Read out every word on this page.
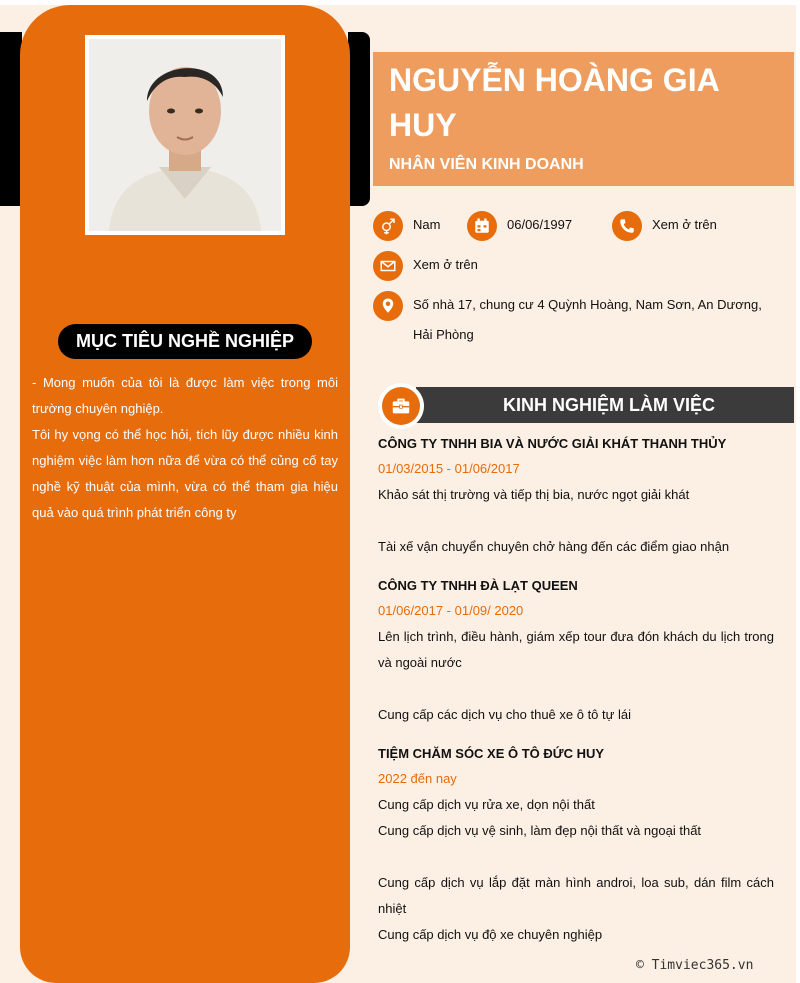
MỤC TIÊU NGHỀ NGHIỆP

- Mong muốn của tôi là được làm việc trong môi trường chuyên nghiệp.

Tôi hy vọng có thể học hỏi, tích lũy được nhiều kinh nghiệm việc làm hơn nữa để vừa có thể củng cố tay nghề kỹ thuật của mình, vừa có thể tham gia hiệu quả vào quá trình phát triển công ty

NGUYỄN HOÀNG GIA HUY
NHÂN VIÊN KINH DOANH
Nam	06/06/1997	Xem ở trên
Xem ở trên
Số nhà 17, chung cư 4 Quỳnh Hoàng, Nam Sơn, An Dương, Hải Phòng
KINH NGHIỆM LÀM VIỆC
CÔNG TY TNHH BIA VÀ NƯỚC GIẢI KHÁT THANH THỦY
01/03/2015 - 01/06/2017

Khảo sát thị trường và tiếp thị bia, nước ngọt giải khát

Tài xế vận chuyển chuyên chở hàng đến các điểm giao nhận

CÔNG TY TNHH ĐÀ LẠT QUEEN
01/06/2017 - 01/09/ 2020

Lên lịch trình, điều hành, giám xếp tour đưa đón khách du lịch trong và ngoài nước

Cung cấp các dịch vụ cho thuê xe ô tô tự lái

TIỆM CHĂM SÓC XE Ô TÔ ĐỨC HUY
2022 đến nay

Cung cấp dịch vụ rửa xe, dọn nội thất

Cung cấp dịch vụ vệ sinh, làm đẹp nội thất và ngoại thất

Cung cấp dịch vụ lắp đặt màn hình androi, loa sub, dán film cách nhiệt

Cung cấp dịch vụ độ xe chuyên nghiệp

© Timviec365.vn
